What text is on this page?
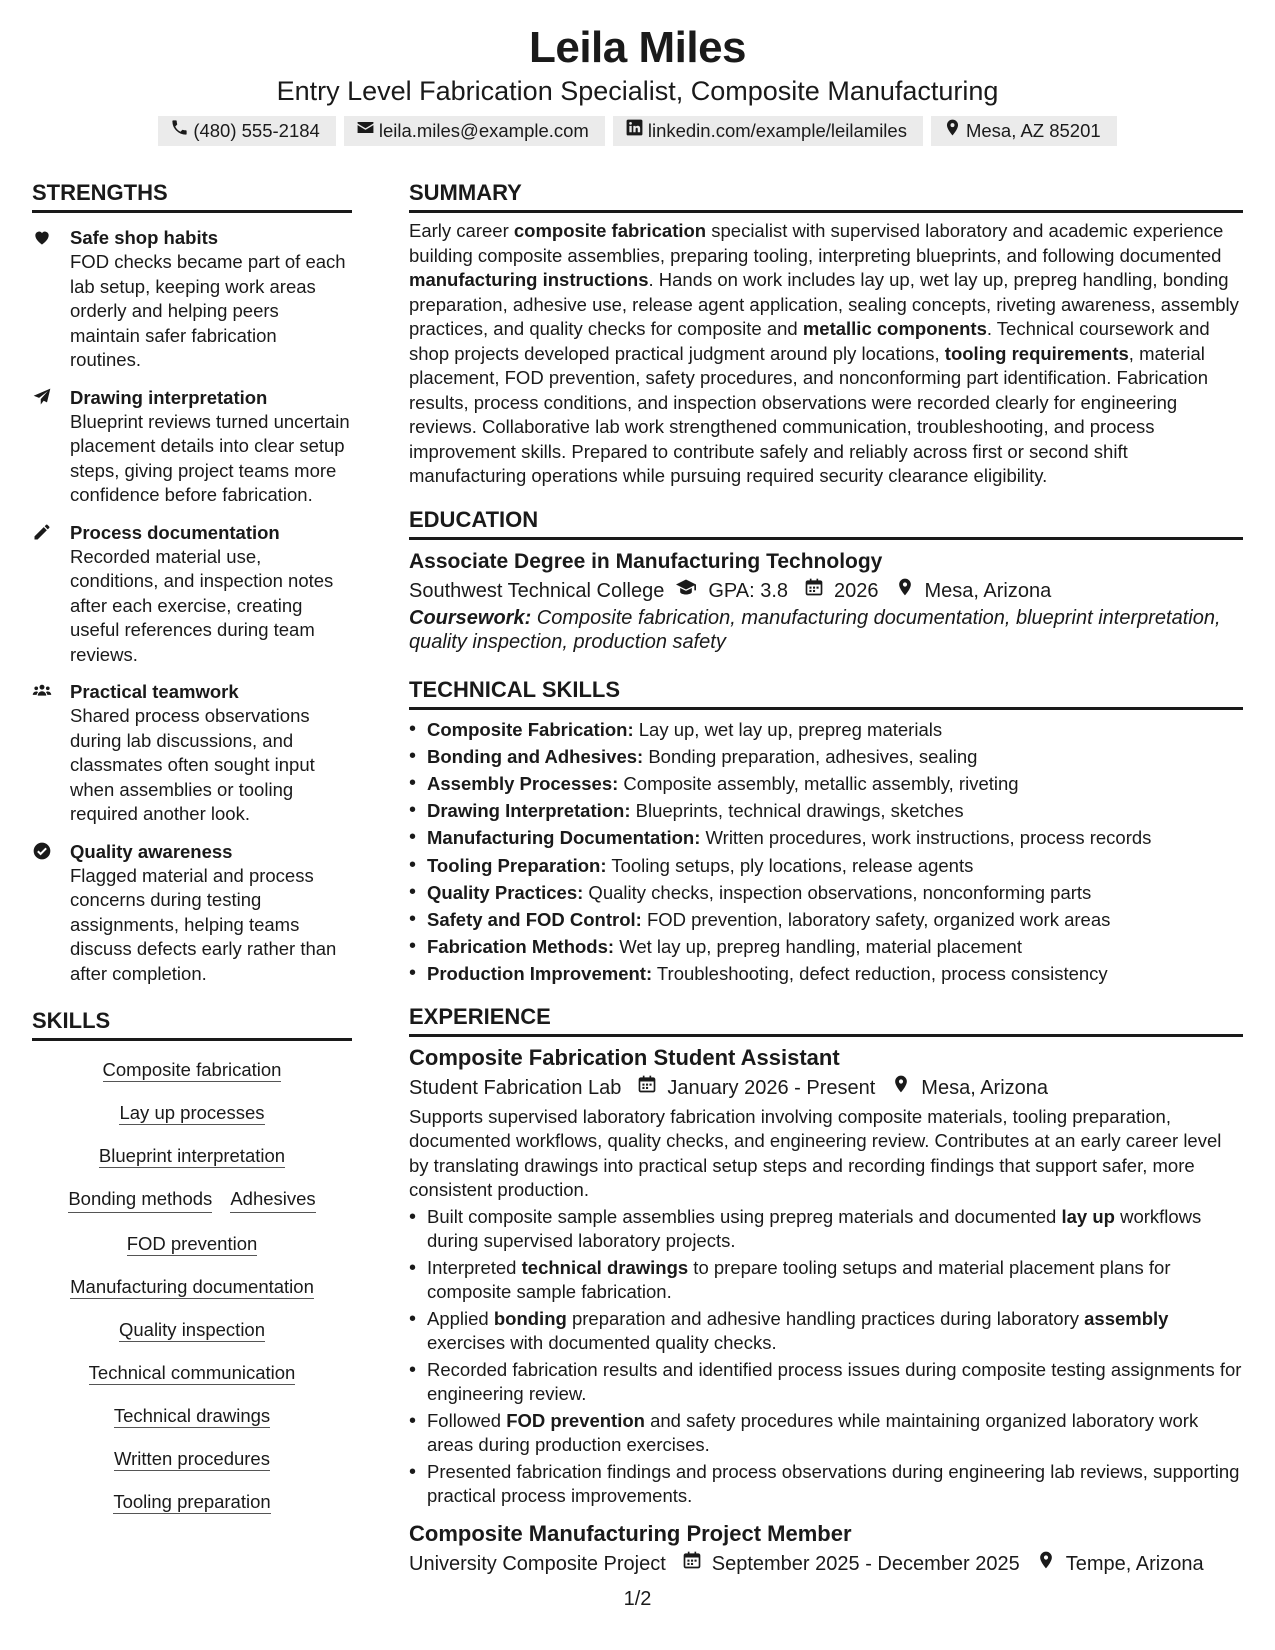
Leila Miles
Entry Level Fabrication Specialist, Composite Manufacturing
(480) 555-2184	leila.miles@example.com	linkedin.com/example/leilamiles	Mesa, AZ 85201
STRENGTHS
Safe shop habits
FOD checks became part of each lab setup, keeping work areas orderly and helping peers maintain safer fabrication routines.
Drawing interpretation
Blueprint reviews turned uncertain placement details into clear setup steps, giving project teams more confidence before fabrication.
Process documentation
Recorded material use, conditions, and inspection notes after each exercise, creating useful references during team reviews.
Practical teamwork
Shared process observations during lab discussions, and classmates often sought input when assemblies or tooling required another look.
Quality awareness
Flagged material and process concerns during testing assignments, helping teams discuss defects early rather than after completion.
SKILLS
Composite fabrication
Lay up processes
Blueprint interpretation
Bonding methods Adhesives
FOD prevention
Manufacturing documentation
Quality inspection
Technical communication
Technical drawings
Written procedures
Tooling preparation
SUMMARY
Early career composite fabrication specialist with supervised laboratory and academic experience building composite assemblies, preparing tooling, interpreting blueprints, and following documented manufacturing instructions. Hands on work includes lay up, wet lay up, prepreg handling, bonding preparation, adhesive use, release agent application, sealing concepts, riveting awareness, assembly practices, and quality checks for composite and metallic components. Technical coursework and shop projects developed practical judgment around ply locations, tooling requirements, material placement, FOD prevention, safety procedures, and nonconforming part identification. Fabrication results, process conditions, and inspection observations were recorded clearly for engineering reviews. Collaborative lab work strengthened communication, troubleshooting, and process improvement skills. Prepared to contribute safely and reliably across first or second shift manufacturing operations while pursuing required security clearance eligibility.
EDUCATION
Associate Degree in Manufacturing Technology
Southwest Technical College GPA: 3.8 2026 Mesa, Arizona
Coursework: Composite fabrication, manufacturing documentation, blueprint interpretation, quality inspection, production safety
TECHNICAL SKILLS
• Composite Fabrication: Lay up, wet lay up, prepreg materials
• Bonding and Adhesives: Bonding preparation, adhesives, sealing
• Assembly Processes: Composite assembly, metallic assembly, riveting
• Drawing Interpretation: Blueprints, technical drawings, sketches
• Manufacturing Documentation: Written procedures, work instructions, process records
• Tooling Preparation: Tooling setups, ply locations, release agents
• Quality Practices: Quality checks, inspection observations, nonconforming parts
• Safety and FOD Control: FOD prevention, laboratory safety, organized work areas
• Fabrication Methods: Wet lay up, prepreg handling, material placement
• Production Improvement: Troubleshooting, defect reduction, process consistency
EXPERIENCE
Composite Fabrication Student Assistant
Student Fabrication Lab January 2026 - Present Mesa, Arizona
Supports supervised laboratory fabrication involving composite materials, tooling preparation, documented workflows, quality checks, and engineering review. Contributes at an early career level by translating drawings into practical setup steps and recording findings that support safer, more consistent production.
• Built composite sample assemblies using prepreg materials and documented lay up workflows during supervised laboratory projects.
• Interpreted technical drawings to prepare tooling setups and material placement plans for composite sample fabrication.
• Applied bonding preparation and adhesive handling practices during laboratory assembly exercises with documented quality checks.
• Recorded fabrication results and identified process issues during composite testing assignments for engineering review.
• Followed FOD prevention and safety procedures while maintaining organized laboratory work areas during production exercises.
• Presented fabrication findings and process observations during engineering lab reviews, supporting practical process improvements.
Composite Manufacturing Project Member
University Composite Project September 2025 - December 2025 Tempe, Arizona
1/2
